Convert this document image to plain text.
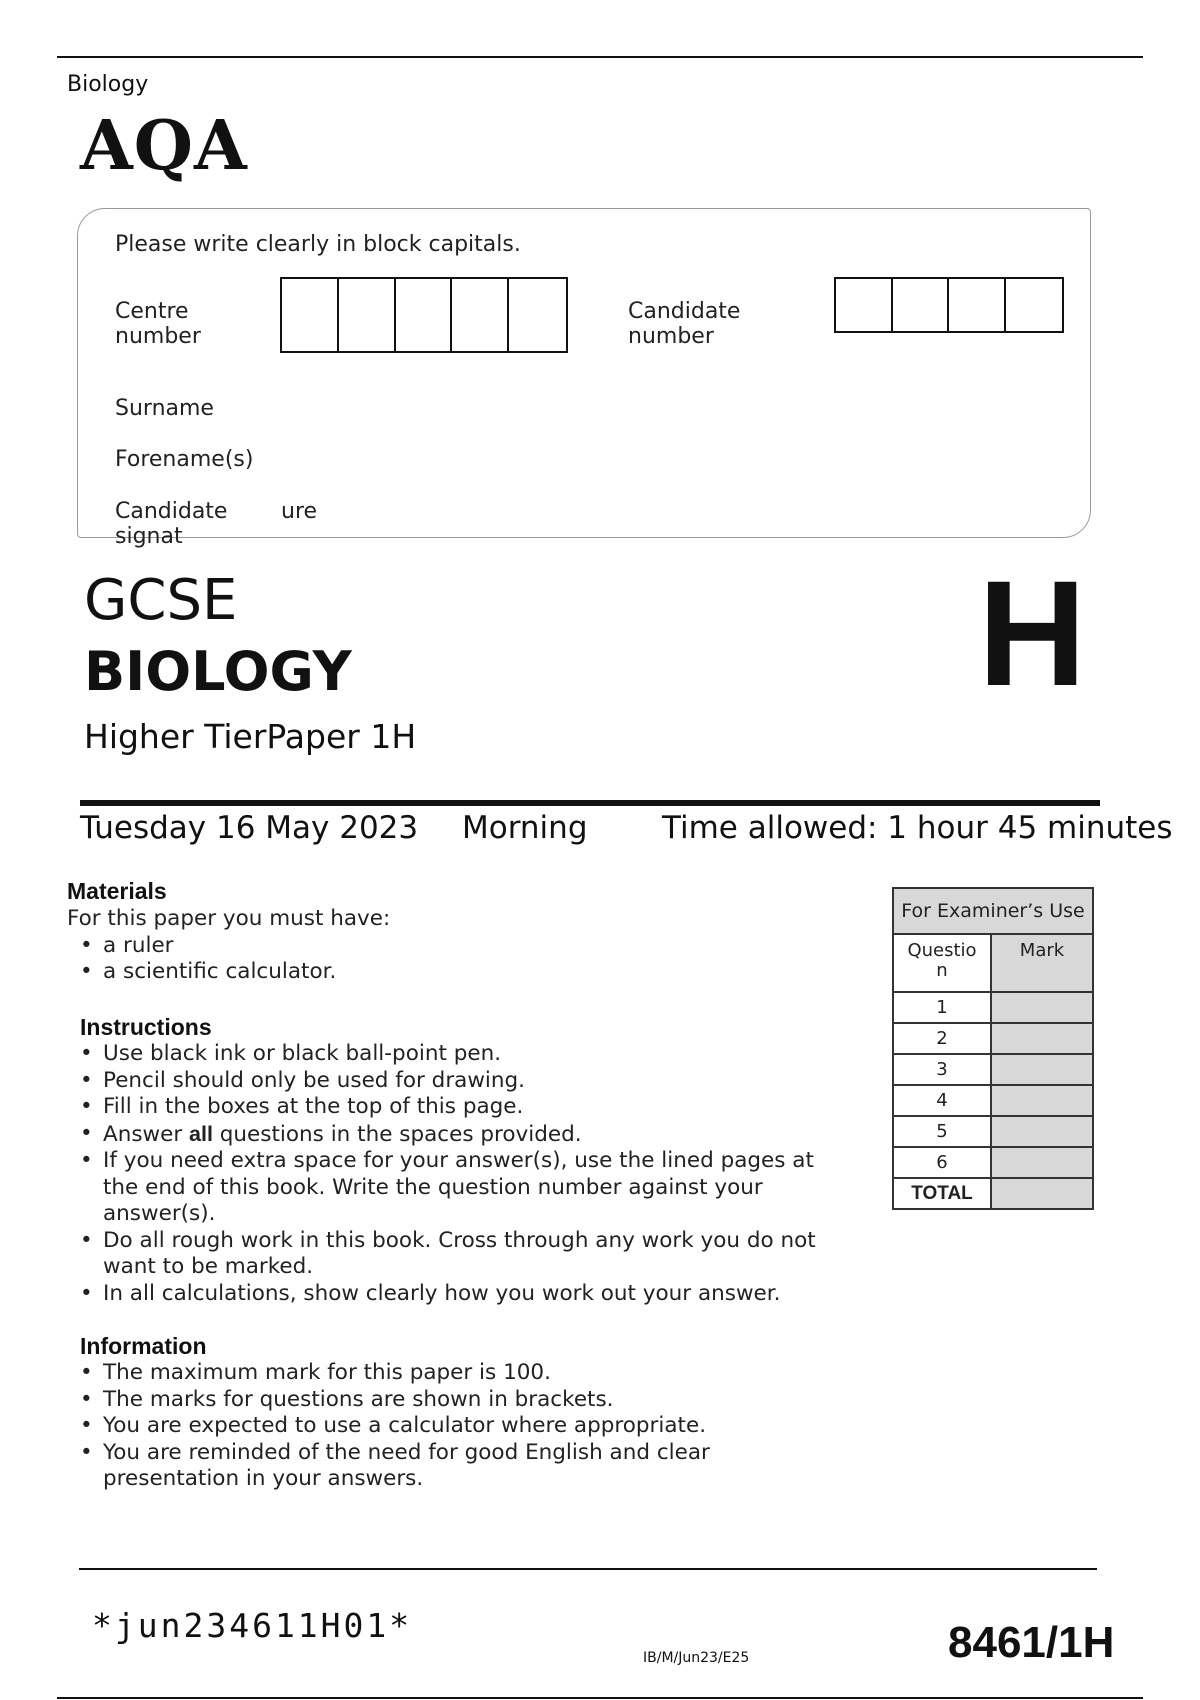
Biology
AQA
Please write clearly in block capitals.
Centre
number
Candidate
number
Surname
Forename(s)
Candidate
signat
ure
GCSE
BIOLOGY	H
Higher TierPaper 1H
Tuesday 16 May 2023 Morning Time allowed: 1 hour 45 minutes
Materials
For this paper you must have:
• a ruler
• a scientific calculator.
Instructions
• Use black ink or black ball-point pen.
• Pencil should only be used for drawing.
• Fill in the boxes at the top of this page.
• Answer all questions in the spaces provided.
• If you need extra space for your answer(s), use the lined pages at the end of this book. Write the question number against your answer(s).
• Do all rough work in this book. Cross through any work you do not want to be marked.
• In all calculations, show clearly how you work out your answer.
Information
• The maximum mark for this paper is 100.
• The marks for questions are shown in brackets.
• You are expected to use a calculator where appropriate.
• You are reminded of the need for good English and clear presentation in your answers.
For Examiner’s Use	

Questio
n	Mark
1	
2	
3	
4	
5	
6	
TOTAL	
*jun234611H01*
IB/M/Jun23/E25	8461/1H
